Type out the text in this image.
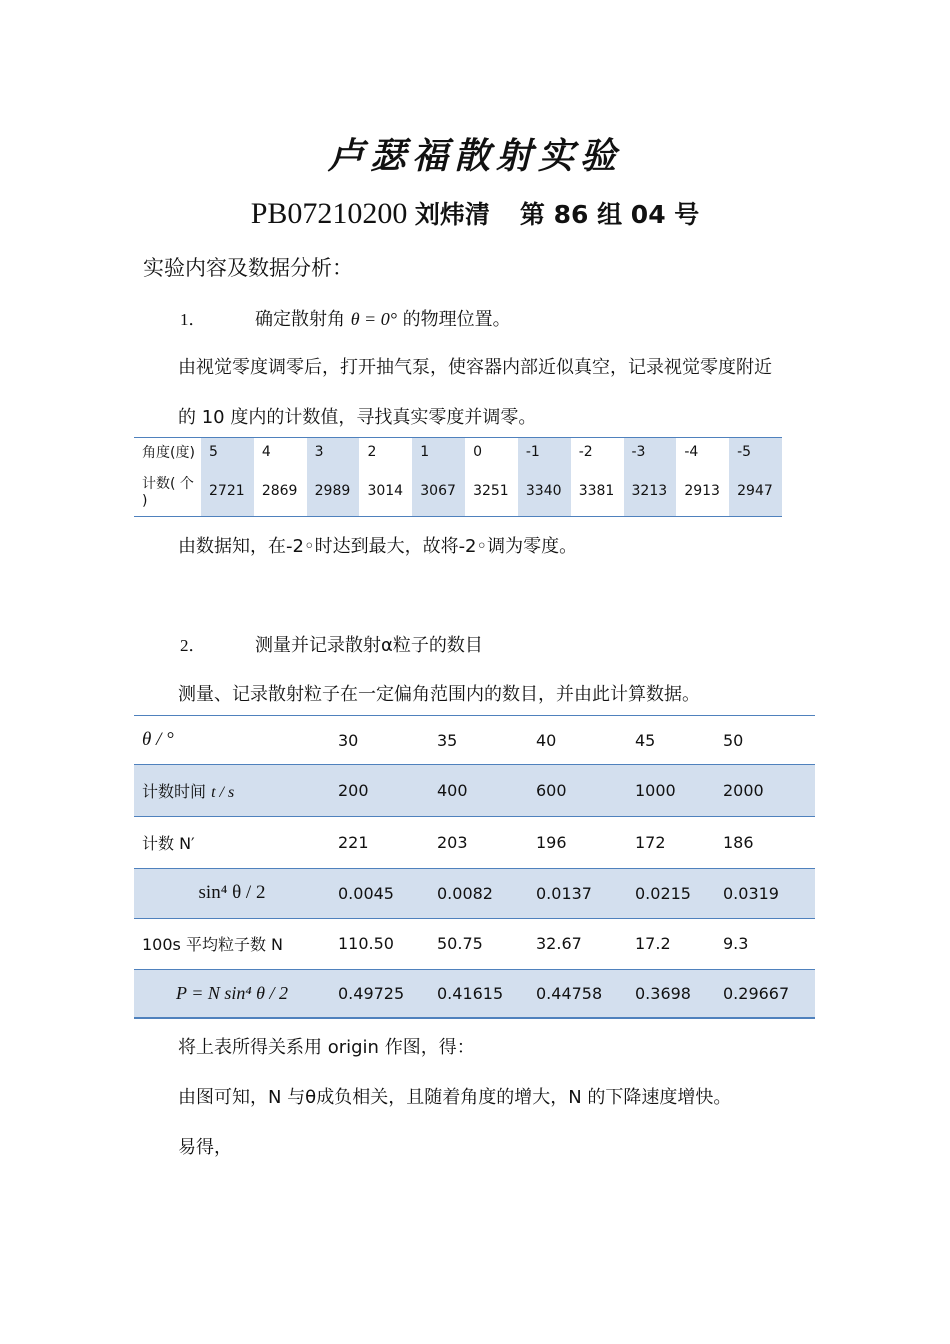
卢瑟福散射实验
PB07210200 刘炜清 第 86 组 04 号
实验内容及数据分析：
1．	确定散射角 θ = 0° 的物理位置。
由视觉零度调零后，打开抽气泵，使容器内部近似真空，记录视觉零度附近
的 10 度内的计数值，寻找真实零度并调零。
角度(度)	5	4	3	2	1	0	-1	-2	-3	-4	-5
计数( 个 )	2721	2869	2989	3014	3067	3251	3340	3381	3213	2913	2947
由数据知，在-2◦时达到最大，故将-2◦调为零度。
2．	测量并记录散射α粒子的数目
测量、记录散射粒子在一定偏角范围内的数目，并由此计算数据。
θ / °	30	35	40	45	50
计数时间 t / s	200	400	600	1000	2000
计数 N′	221	203	196	172	186
sin⁴ θ / 2	0.0045	0.0082	0.0137	0.0215	0.0319
100s 平均粒子数 N	110.50	50.75	32.67	17.2	9.3
P = N sin⁴ θ / 2	0.49725	0.41615	0.44758	0.3698	0.29667
将上表所得关系用 origin 作图，得：
由图可知，N 与θ成负相关，且随着角度的增大，N 的下降速度增快。
易得，
